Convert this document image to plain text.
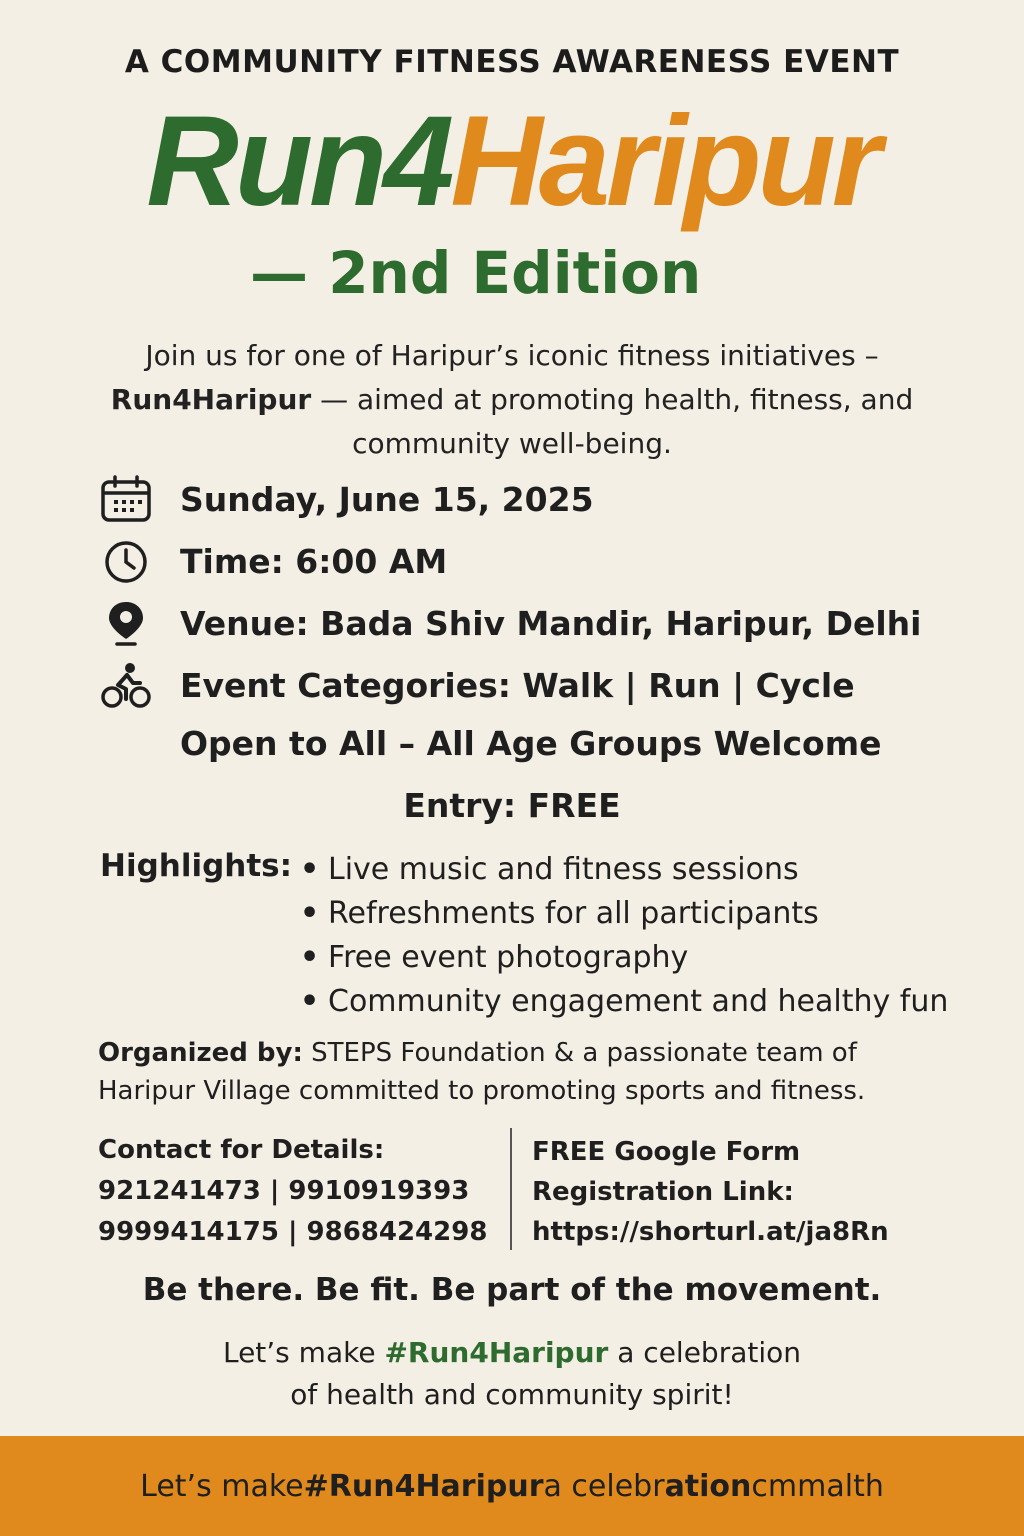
A COMMUNITY FITNESS AWARENESS EVENT
Run4Haripur
— 2nd Edition
Join us for one of Haripur’s iconic fitness initiatives –
Run4Haripur — aimed at promoting health, fitness, and
community well-being.
Sunday, June 15, 2025
Time: 6:00 AM
Venue: Bada Shiv Mandir, Haripur, Delhi
Event Categories: Walk | Run | Cycle
Open to All – All Age Groups Welcome
Entry: FREE
Highlights:
•	Live music and fitness sessions
• Refreshments for all participants
• Free event photography
• Community engagement and healthy fun
Organized by: STEPS Foundation & a passionate team of
Haripur Village committed to promoting sports and fitness.
Contact for Details:
921241473 | 9910919393
9999414175 | 9868424298
FREE Google Form
Registration Link:
https://shorturl.at/ja8Rn
Be there. Be fit. Be part of the movement.
Let’s make #Run4Haripur a celebration
of health and community spirit!
Let’s make #Run4Haripur a celebr ation cmmalth
